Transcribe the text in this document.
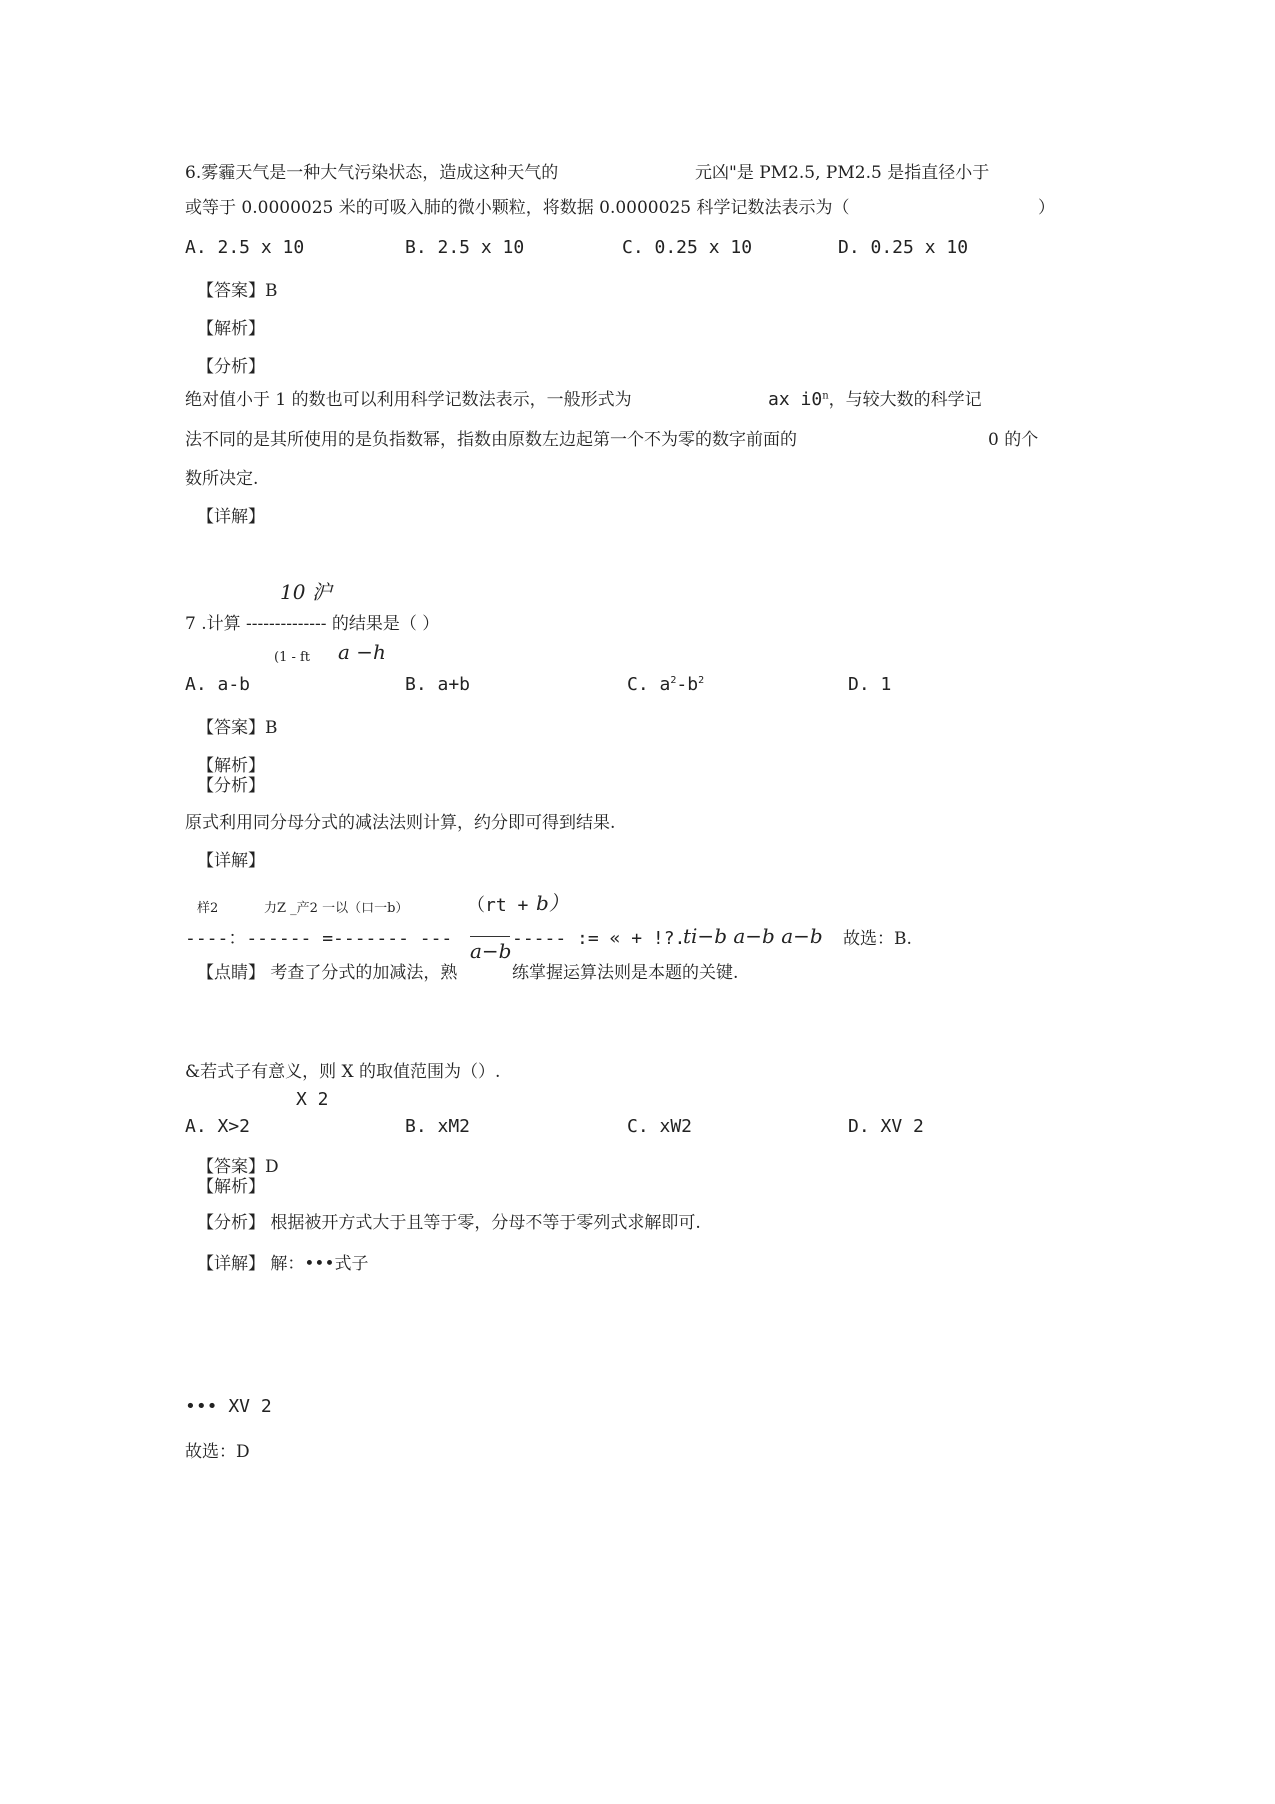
6.雾霾天气是一种大气污染状态，造成这种天气的	元凶"是 PM2.5, PM2.5 是指直径小于
或等于 0.0000025 米的可吸入肺的微小颗粒，将数据 0.0000025 科学记数法表示为（	）
A. 2.5 x 10	B. 2.5 x 10	C. 0.25 x 10	D. 0.25 x 10
【答案】B
【解析】
【分析】
绝对值小于 1 的数也可以利用科学记数法表示，一般形式为	ax i0$^n$，与较大数的科学记
法不同的是其所使用的是负指数幂，指数由原数左边起第一个不为零的数字前面的	0 的个
数所决定.
【详解】
10 沪
7 .计算 -------------- 的结果是（ ）
(1 - ft a −h
A. a-b	B. a+b	C. $a^2-b^2$	D. 1
【答案】B
【解析】
【分析】
原式利用同分母分式的减法法则计算，约分即可得到结果.
【详解】
样2	力Z _产2 一以（口一b）	（rt + b）
----：------ =------- ---
a−b
----- := « + !?.
ti−b a−b a−b 故选：B.
【点睛】 考查了分式的加减法，熟	练掌握运算法则是本题的关键.
&若式子有意义，则 X 的取值范围为（）.
X 2
A. X>2	B. xM2	C. xW2	D. XV 2
【答案】D
【解析】
【分析】 根据被开方式大于且等于零，分母不等于零列式求解即可.
【详解】 解：•••式子
••• XV 2
故选：D
